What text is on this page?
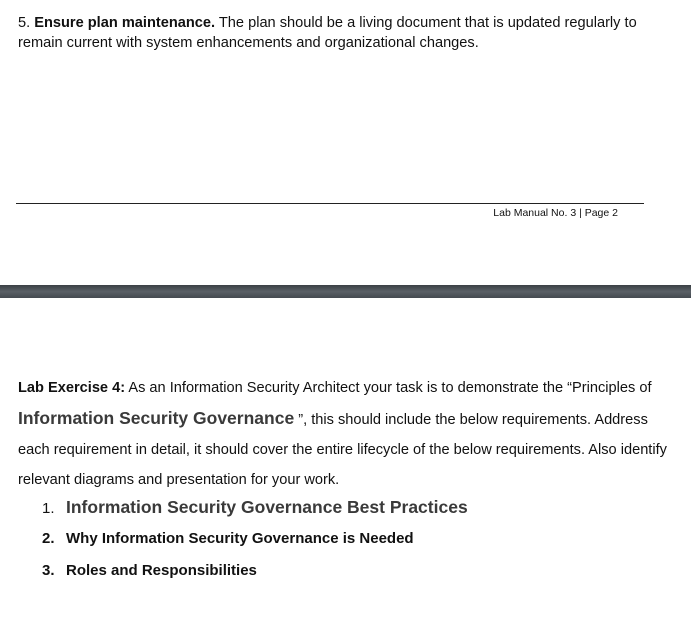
5. Ensure plan maintenance. The plan should be a living document that is updated regularly to remain current with system enhancements and organizational changes.

Lab Manual No. 3 | Page 2

Lab Exercise 4: As an Information Security Architect your task is to demonstrate the “Principles of Information Security Governance ”, this should include the below requirements. Address each requirement in detail, it should cover the entire lifecycle of the below requirements. Also identify relevant diagrams and presentation for your work.

1. Information Security Governance Best Practices
2. Why Information Security Governance is Needed
3. Roles and Responsibilities
